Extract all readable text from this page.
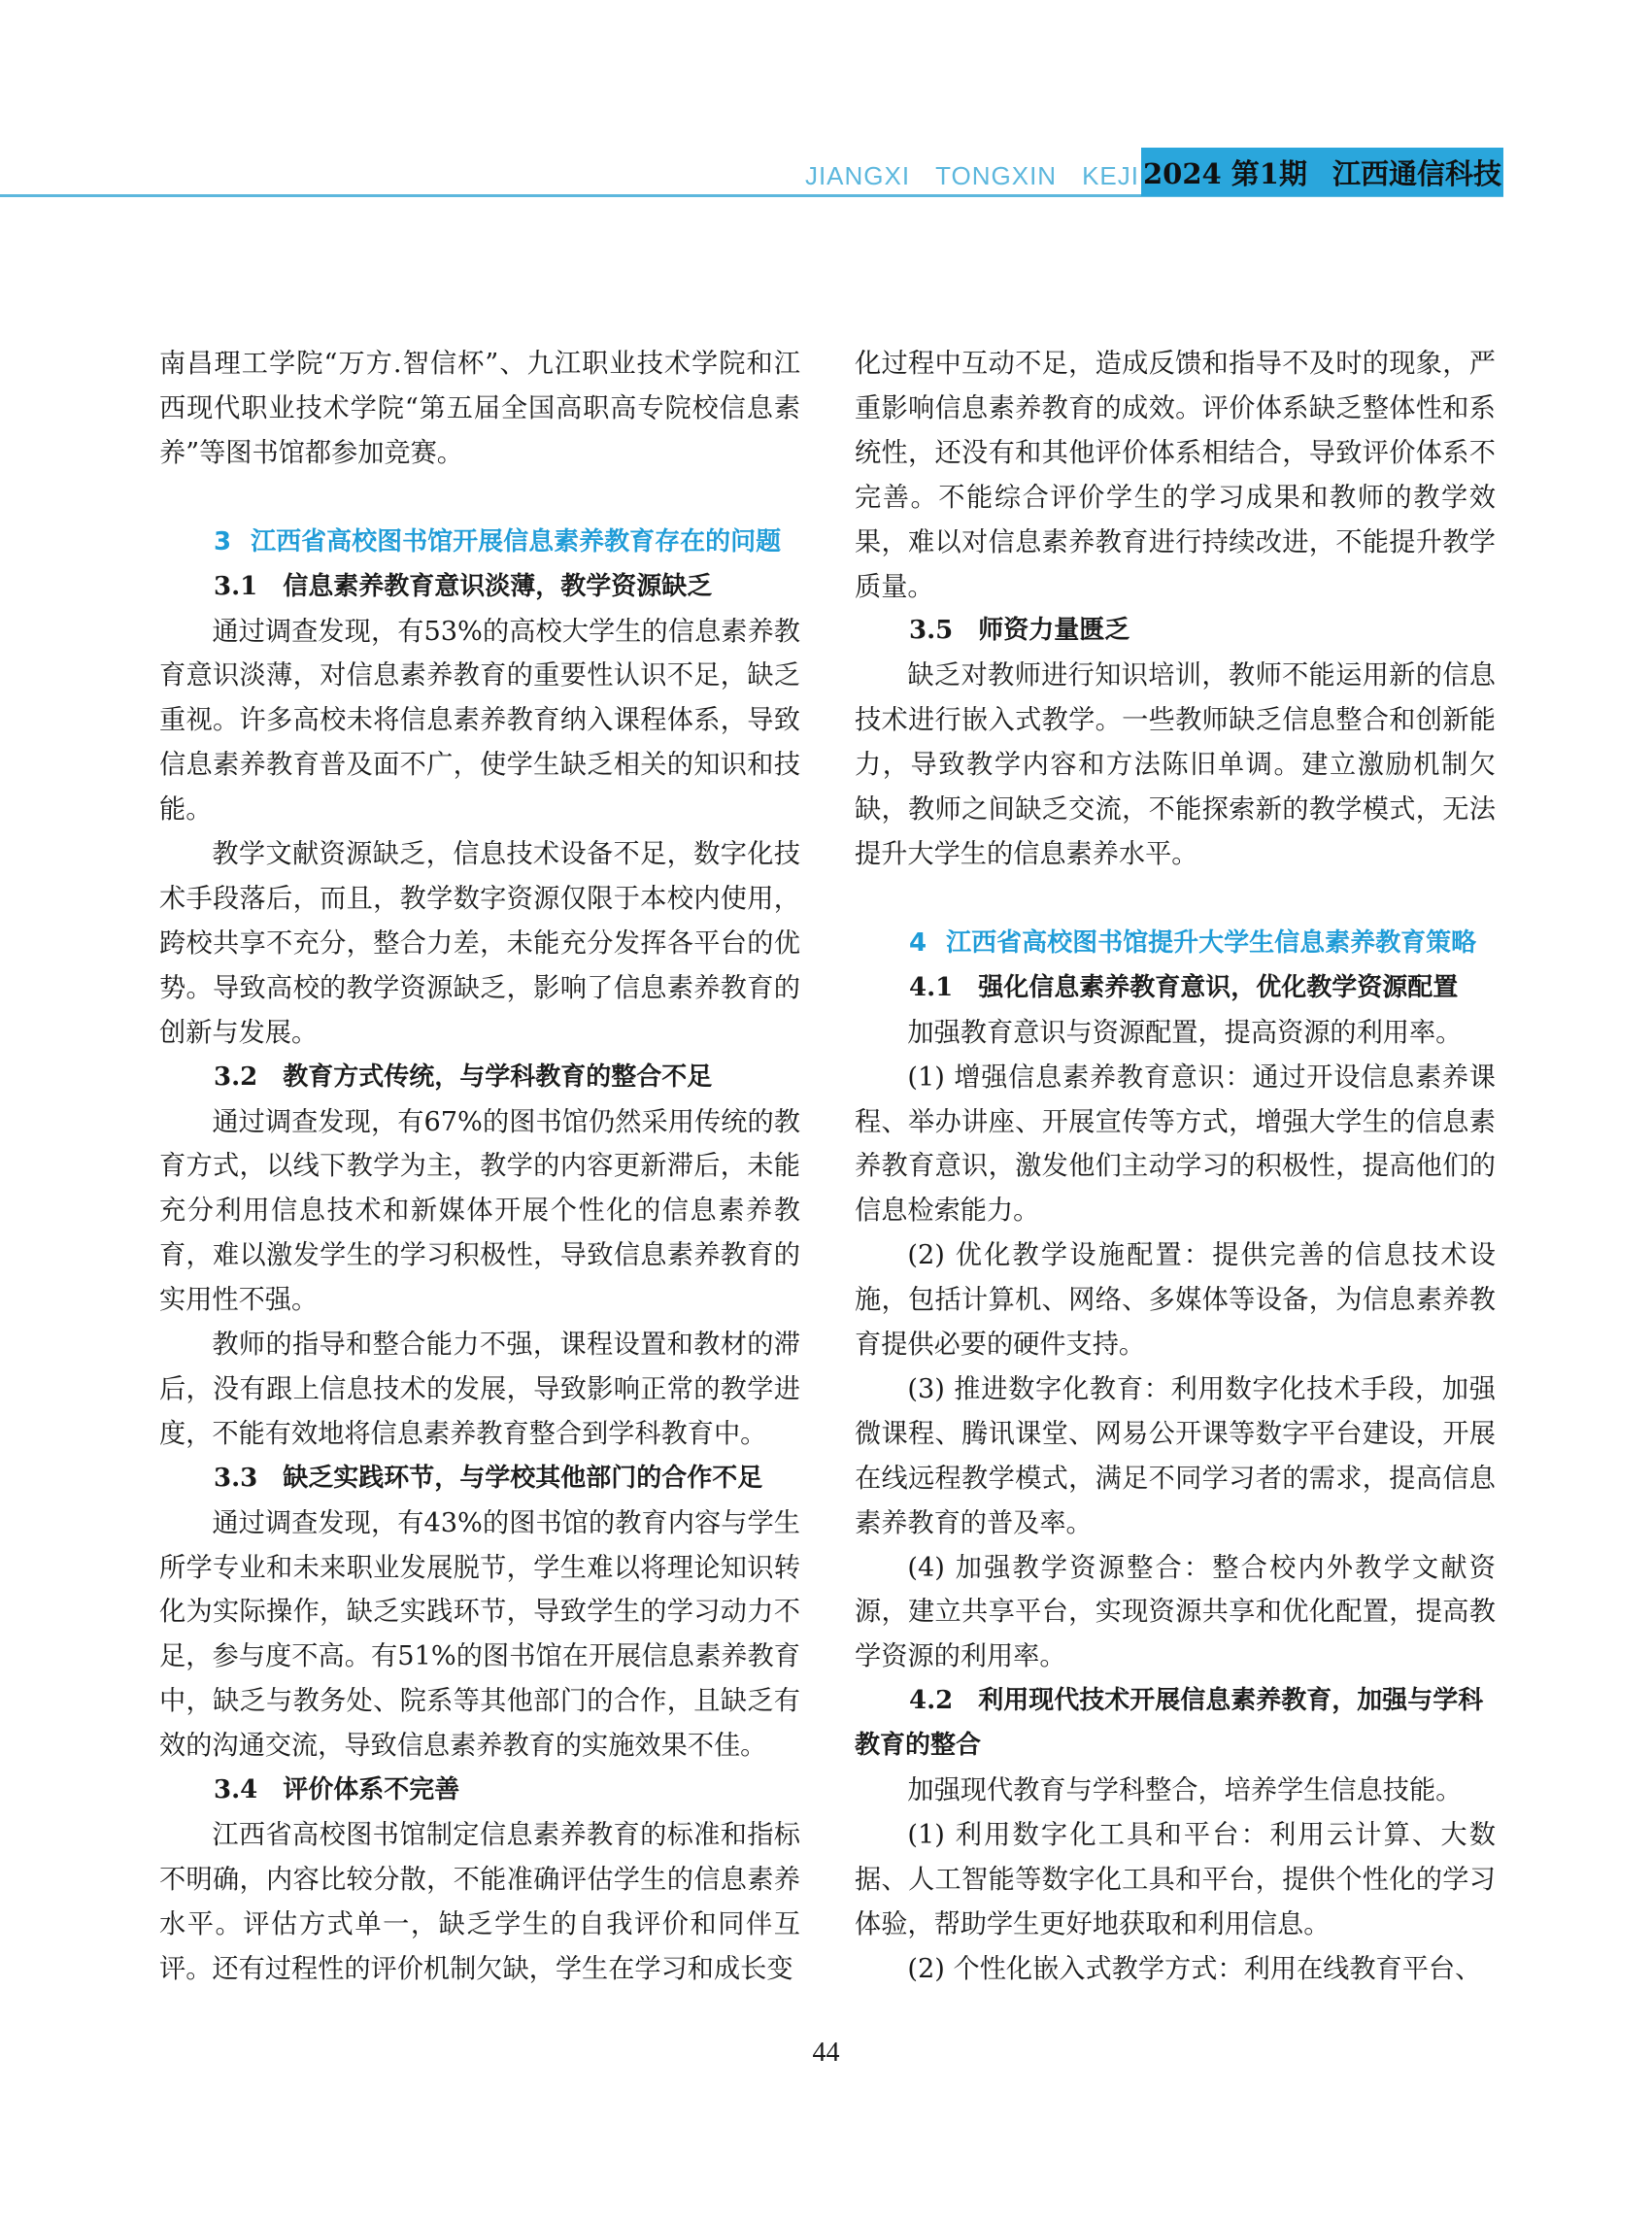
JIANGXI TONGXIN KEJI 2024 第1期 江西通信科技

南昌理工学院“万方.智信杯”、九江职业技术学院和江西现代职业技术学院“第五届全国高职高专院校信息素养”等图书馆都参加竞赛。

3 江西省高校图书馆开展信息素养教育存在的问题
3.1 信息素养教育意识淡薄，教学资源缺乏

通过调查发现，有53%的高校大学生的信息素养教育意识淡薄，对信息素养教育的重要性认识不足，缺乏重视。许多高校未将信息素养教育纳入课程体系，导致信息素养教育普及面不广，使学生缺乏相关的知识和技能。

教学文献资源缺乏，信息技术设备不足，数字化技术手段落后，而且，教学数字资源仅限于本校内使用，跨校共享不充分，整合力差，未能充分发挥各平台的优势。导致高校的教学资源缺乏，影响了信息素养教育的创新与发展。

3.2 教育方式传统，与学科教育的整合不足

通过调查发现，有67%的图书馆仍然采用传统的教育方式，以线下教学为主，教学的内容更新滞后，未能充分利用信息技术和新媒体开展个性化的信息素养教育，难以激发学生的学习积极性，导致信息素养教育的实用性不强。

教师的指导和整合能力不强，课程设置和教材的滞后，没有跟上信息技术的发展，导致影响正常的教学进度，不能有效地将信息素养教育整合到学科教育中。

3.3 缺乏实践环节，与学校其他部门的合作不足

通过调查发现，有43%的图书馆的教育内容与学生所学专业和未来职业发展脱节，学生难以将理论知识转化为实际操作，缺乏实践环节，导致学生的学习动力不足，参与度不高。有51%的图书馆在开展信息素养教育中，缺乏与教务处、院系等其他部门的合作，且缺乏有效的沟通交流，导致信息素养教育的实施效果不佳。

3.4 评价体系不完善

江西省高校图书馆制定信息素养教育的标准和指标不明确，内容比较分散，不能准确评估学生的信息素养水平。评估方式单一，缺乏学生的自我评价和同伴互评。还有过程性的评价机制欠缺，学生在学习和成长变

化过程中互动不足，造成反馈和指导不及时的现象，严重影响信息素养教育的成效。评价体系缺乏整体性和系统性，还没有和其他评价体系相结合，导致评价体系不完善。不能综合评价学生的学习成果和教师的教学效果，难以对信息素养教育进行持续改进，不能提升教学质量。

3.5 师资力量匮乏

缺乏对教师进行知识培训，教师不能运用新的信息技术进行嵌入式教学。一些教师缺乏信息整合和创新能力，导致教学内容和方法陈旧单调。建立激励机制欠缺，教师之间缺乏交流，不能探索新的教学模式，无法提升大学生的信息素养水平。

4 江西省高校图书馆提升大学生信息素养教育策略
4.1 强化信息素养教育意识，优化教学资源配置

加强教育意识与资源配置，提高资源的利用率。

(1) 增强信息素养教育意识：通过开设信息素养课程、举办讲座、开展宣传等方式，增强大学生的信息素养教育意识，激发他们主动学习的积极性，提高他们的信息检索能力。

(2) 优化教学设施配置：提供完善的信息技术设施，包括计算机、网络、多媒体等设备，为信息素养教育提供必要的硬件支持。

(3) 推进数字化教育：利用数字化技术手段，加强微课程、腾讯课堂、网易公开课等数字平台建设，开展在线远程教学模式，满足不同学习者的需求，提高信息素养教育的普及率。

(4) 加强教学资源整合：整合校内外教学文献资源，建立共享平台，实现资源共享和优化配置，提高教学资源的利用率。

4.2 利用现代技术开展信息素养教育，加强与学科教育的整合

加强现代教育与学科整合，培养学生信息技能。

(1) 利用数字化工具和平台：利用云计算、大数据、人工智能等数字化工具和平台，提供个性化的学习体验，帮助学生更好地获取和利用信息。

(2) 个性化嵌入式教学方式：利用在线教育平台、

44
